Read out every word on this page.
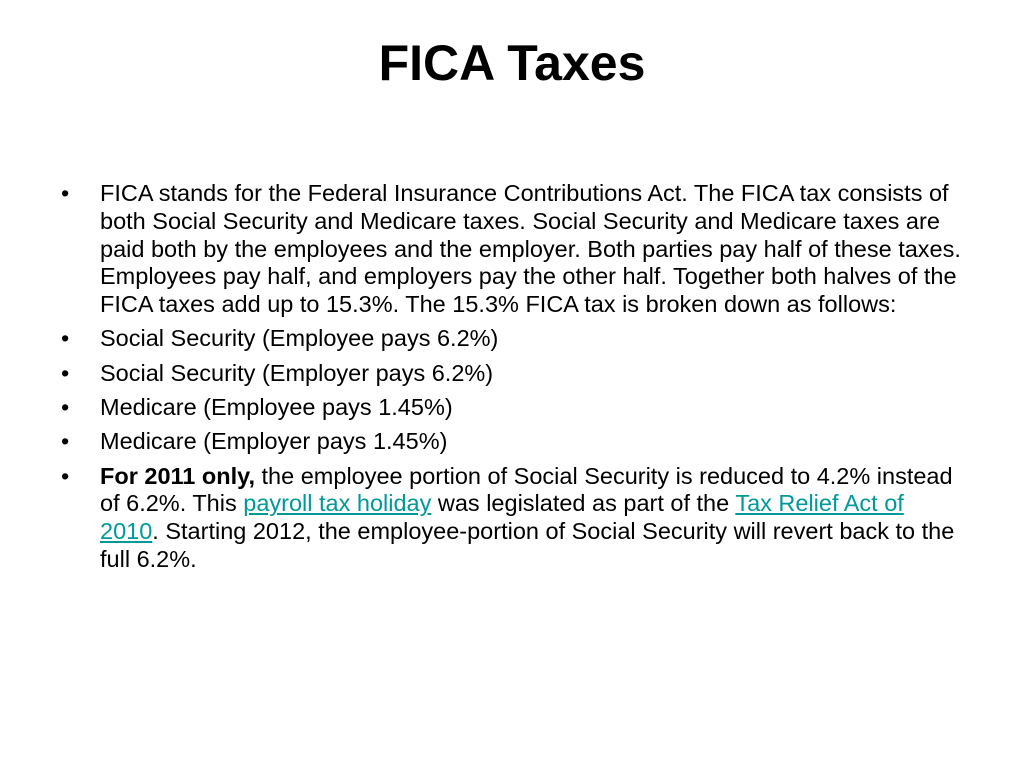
FICA Taxes
• FICA stands for the Federal Insurance Contributions Act. The FICA tax consists of both Social Security and Medicare taxes. Social Security and Medicare taxes are paid both by the employees and the employer. Both parties pay half of these taxes. Employees pay half, and employers pay the other half. Together both halves of the FICA taxes add up to 15.3%. The 15.3% FICA tax is broken down as follows:
• Social Security (Employee pays 6.2%)
• Social Security (Employer pays 6.2%)
• Medicare (Employee pays 1.45%)
• Medicare (Employer pays 1.45%)
• For 2011 only, the employee portion of Social Security is reduced to 4.2% instead of 6.2%. This payroll tax holiday was legislated as part of the Tax Relief Act of 2010. Starting 2012, the employee-portion of Social Security will revert back to the full 6.2%.
